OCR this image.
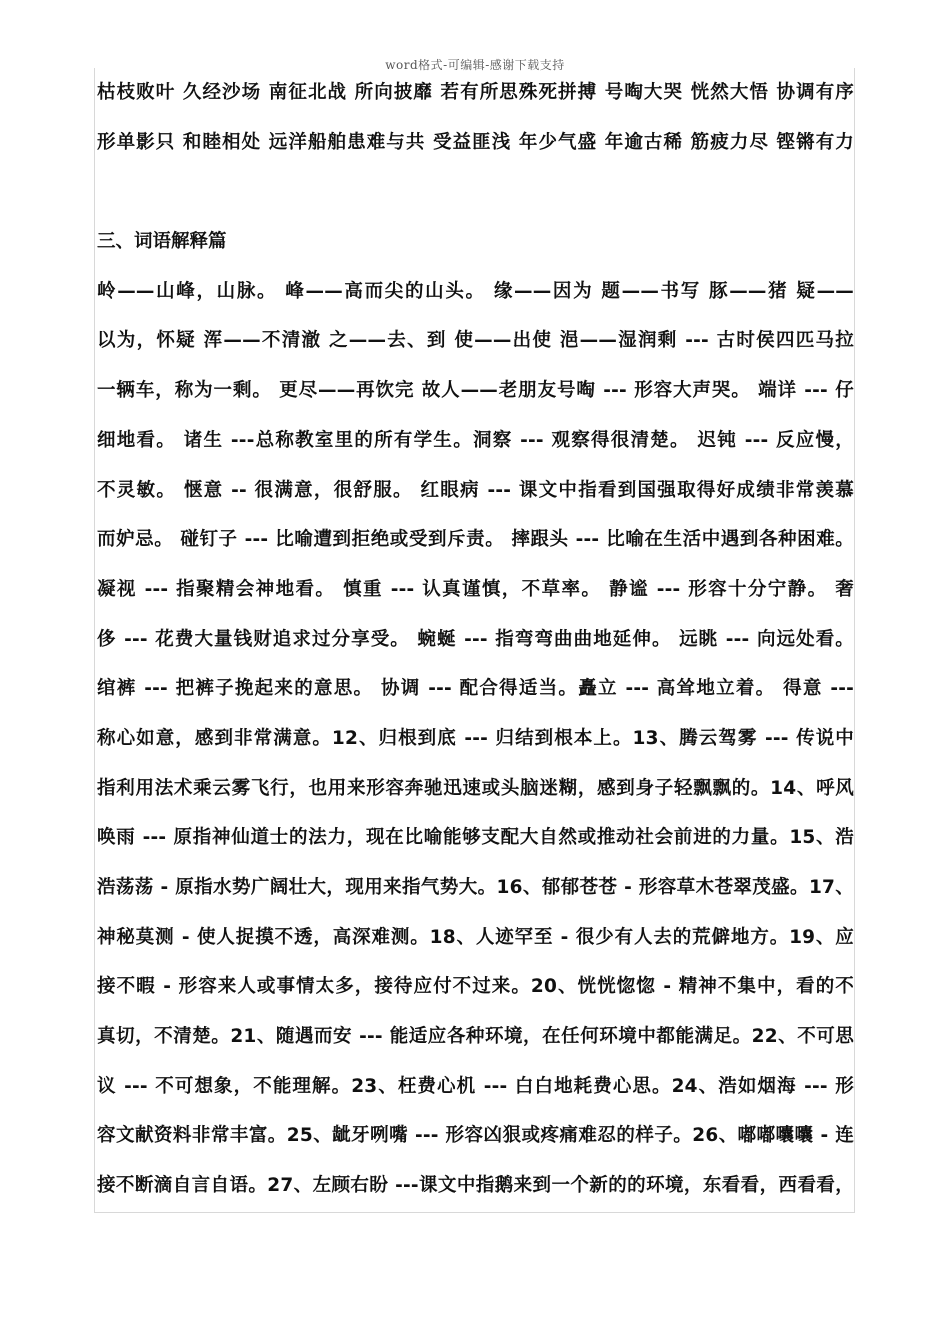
word格式-可编辑-感谢下载支持
枯枝败叶 久经沙场 南征北战 所向披靡 若有所思殊死拼搏 号啕大哭 恍然大悟 协调有序
形单影只 和睦相处 远洋船舶患难与共 受益匪浅 年少气盛 年逾古稀 筋疲力尽 铿锵有力
三、词语解释篇
岭——山峰，山脉。 峰——高而尖的山头。 缘——因为 题——书写 豚——猪 疑——
以为，怀疑 浑——不清澈 之——去、到 使——出使 浥——湿润剩 --- 古时侯四匹马拉
一辆车，称为一剩。 更尽——再饮完 故人——老朋友号啕 --- 形容大声哭。 端详 --- 仔
细地看。 诸生 ---总称教室里的所有学生。洞察 --- 观察得很清楚。 迟钝 --- 反应慢，
不灵敏。 惬意 -- 很满意，很舒服。 红眼病 --- 课文中指看到国强取得好成绩非常羡慕
而妒忌。 碰钉子 --- 比喻遭到拒绝或受到斥责。 摔跟头 --- 比喻在生活中遇到各种困难。
凝视 --- 指聚精会神地看。 慎重 --- 认真谨慎，不草率。 静谧 --- 形容十分宁静。 奢
侈 --- 花费大量钱财追求过分享受。 蜿蜒 --- 指弯弯曲曲地延伸。 远眺 --- 向远处看。
绾裤 --- 把裤子挽起来的意思。 协调 --- 配合得适当。矗立 --- 高耸地立着。 得意 ---
称心如意，感到非常满意。12、归根到底 --- 归结到根本上。13、腾云驾雾 --- 传说中
指利用法术乘云雾飞行，也用来形容奔驰迅速或头脑迷糊，感到身子轻飘飘的。14、呼风
唤雨 --- 原指神仙道士的法力，现在比喻能够支配大自然或推动社会前进的力量。15、浩
浩荡荡 - 原指水势广阔壮大，现用来指气势大。16、郁郁苍苍 - 形容草木苍翠茂盛。17、
神秘莫测 - 使人捉摸不透，高深难测。18、人迹罕至 - 很少有人去的荒僻地方。19、应
接不暇 - 形容来人或事情太多，接待应付不过来。20、恍恍惚惚 - 精神不集中，看的不
真切，不清楚。21、随遇而安 --- 能适应各种环境，在任何环境中都能满足。22、不可思
议 --- 不可想象，不能理解。23、枉费心机 --- 白白地耗费心思。24、浩如烟海 --- 形
容文献资料非常丰富。25、龇牙咧嘴 --- 形容凶狠或疼痛难忍的样子。26、嘟嘟囔囔 - 连
接不断滴自言自语。27、左顾右盼 ---课文中指鹅来到一个新的的环境，东看看，西看看，
